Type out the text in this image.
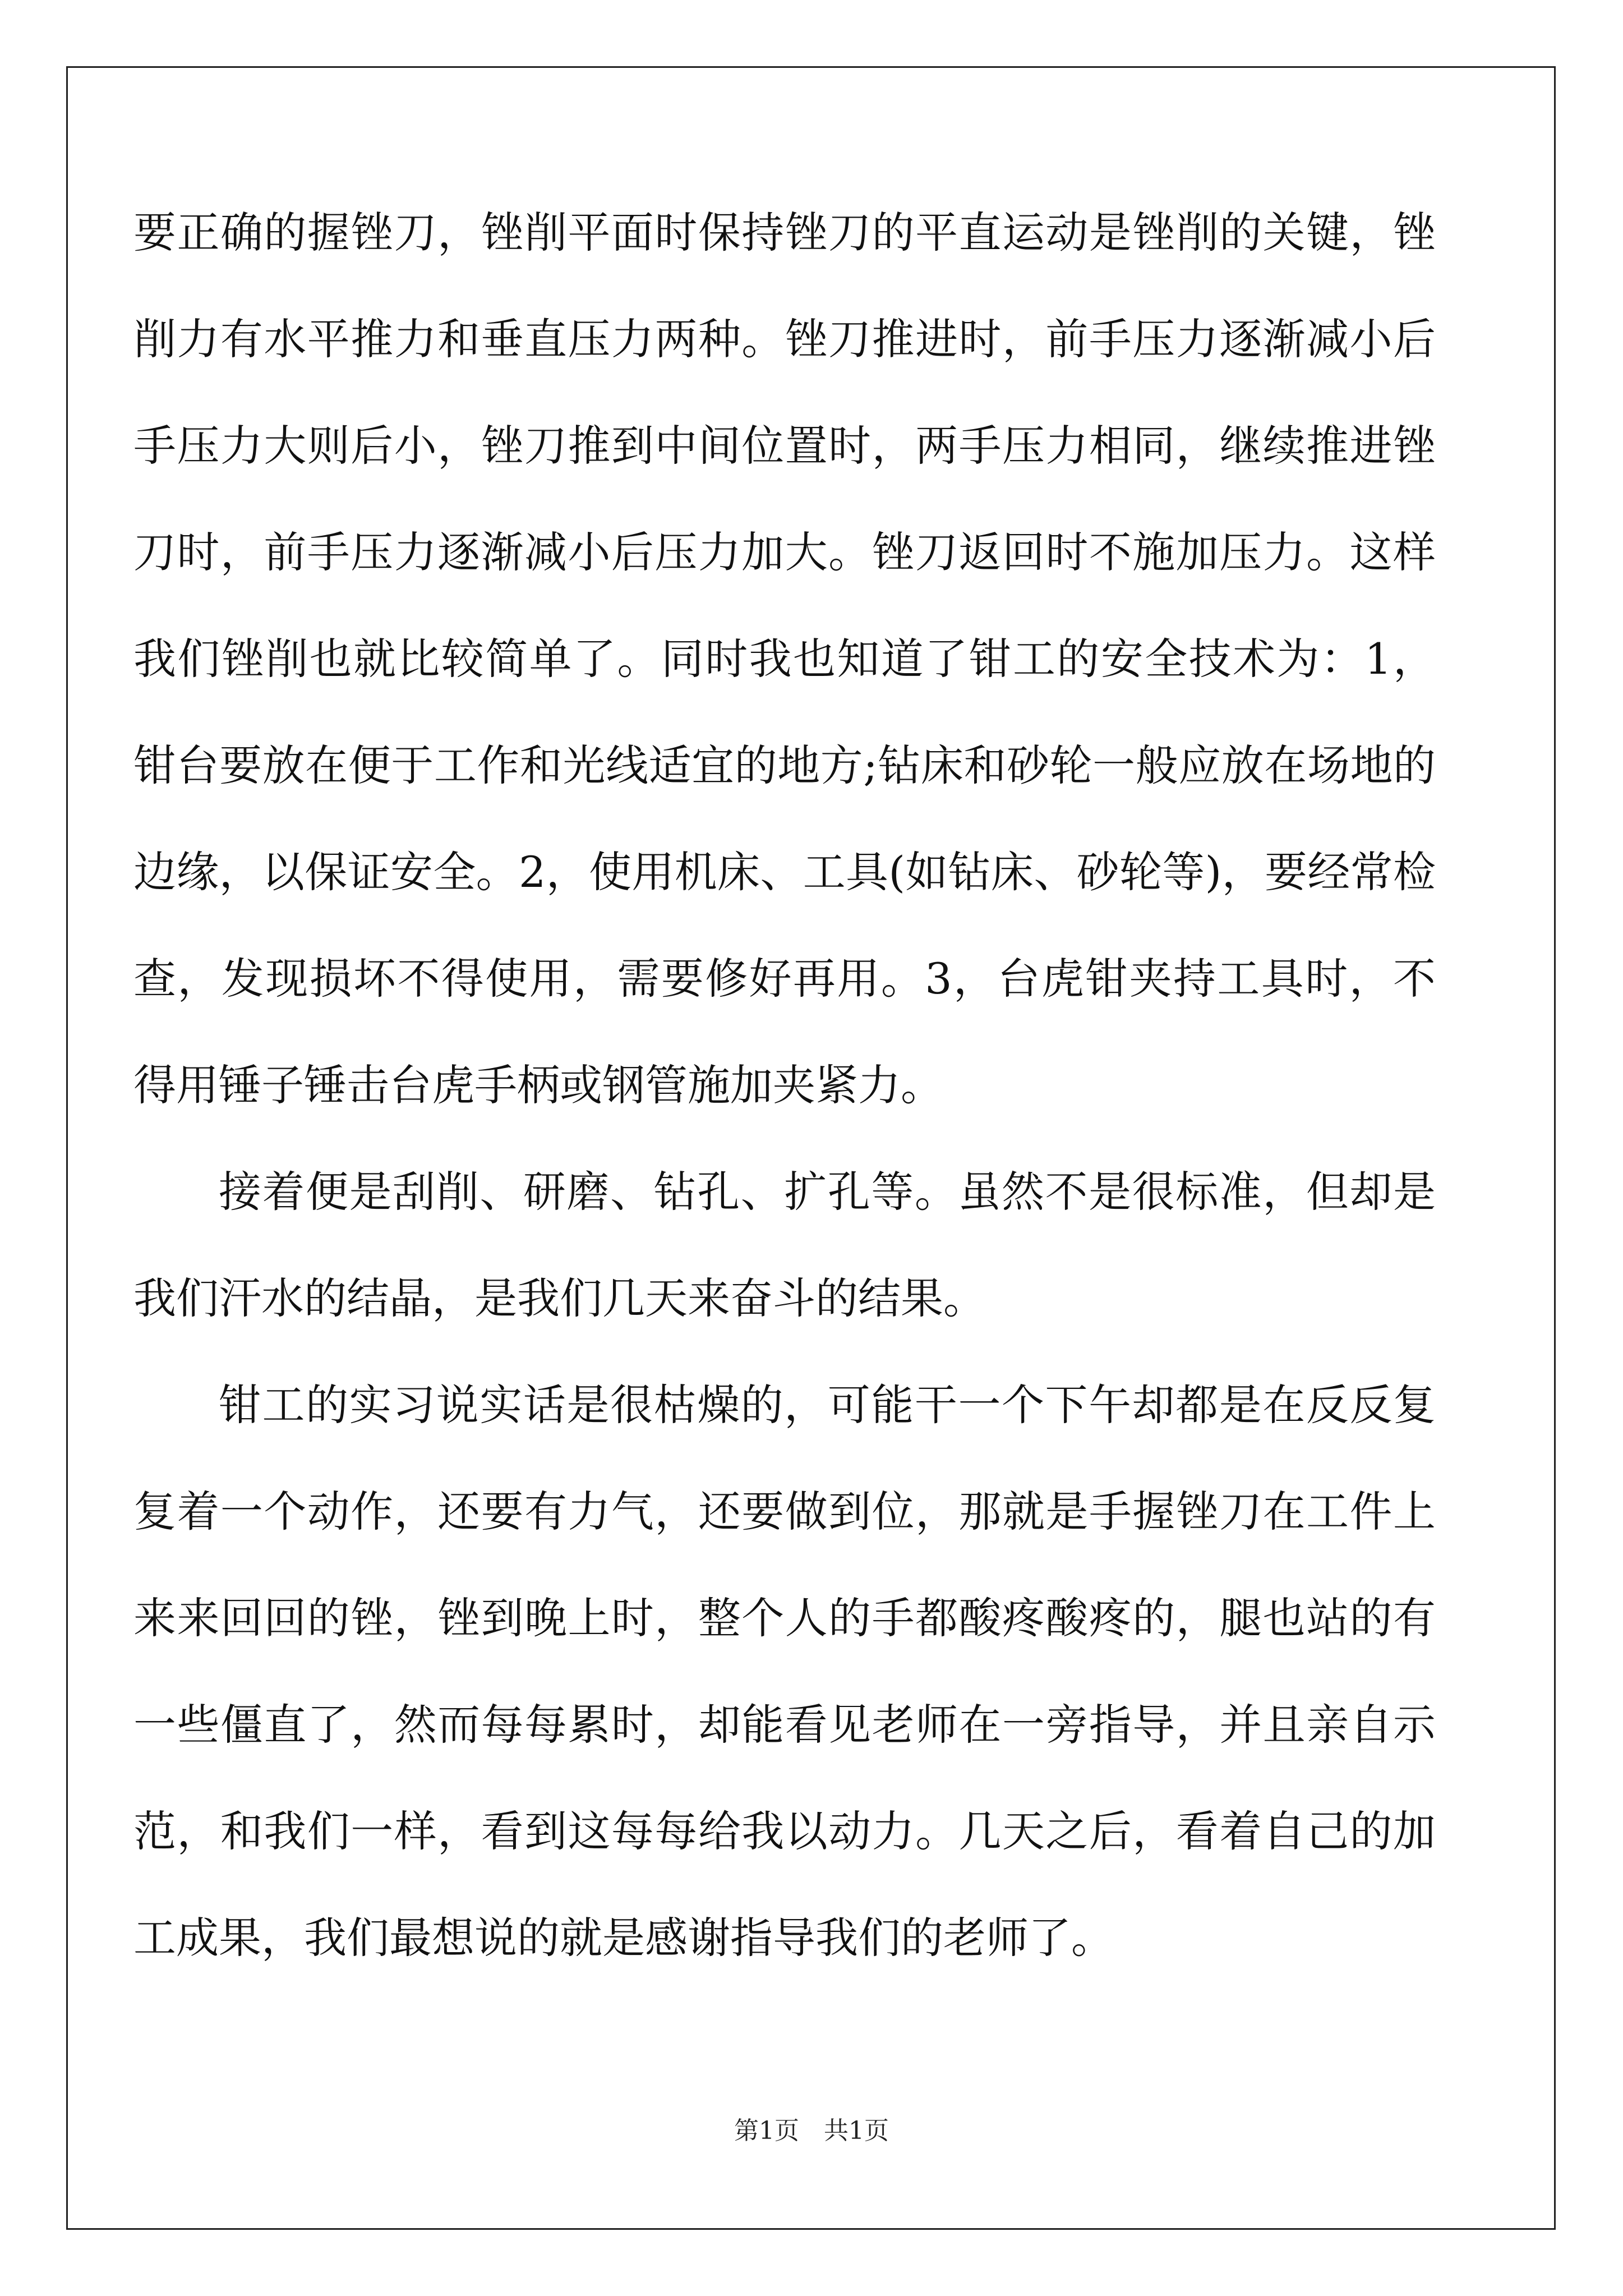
要正确的握锉刀，锉削平面时保持锉刀的平直运动是锉削的关键，锉削力有水平推力和垂直压力两种。锉刀推进时，前手压力逐渐减小后手压力大则后小，锉刀推到中间位置时，两手压力相同，继续推进锉刀时，前手压力逐渐减小后压力加大。锉刀返回时不施加压力。这样我们锉削也就比较简单了。同时我也知道了钳工的安全技术为：1，钳台要放在便于工作和光线适宜的地方;钻床和砂轮一般应放在场地的边缘，以保证安全。2，使用机床、工具(如钻床、砂轮等)，要经常检查，发现损坏不得使用，需要修好再用。3，台虎钳夹持工具时，不得用锤子锤击台虎手柄或钢管施加夹紧力。

接着便是刮削、研磨、钻孔、扩孔等。虽然不是很标准，但却是我们汗水的结晶，是我们几天来奋斗的结果。

钳工的实习说实话是很枯燥的，可能干一个下午却都是在反反复复着一个动作，还要有力气，还要做到位，那就是手握锉刀在工件上来来回回的锉，锉到晚上时，整个人的手都酸疼酸疼的，腿也站的有一些僵直了，然而每每累时，却能看见老师在一旁指导，并且亲自示范，和我们一样，看到这每每给我以动力。几天之后，看着自己的加工成果，我们最想说的就是感谢指导我们的老师了。

第1页　共1页
